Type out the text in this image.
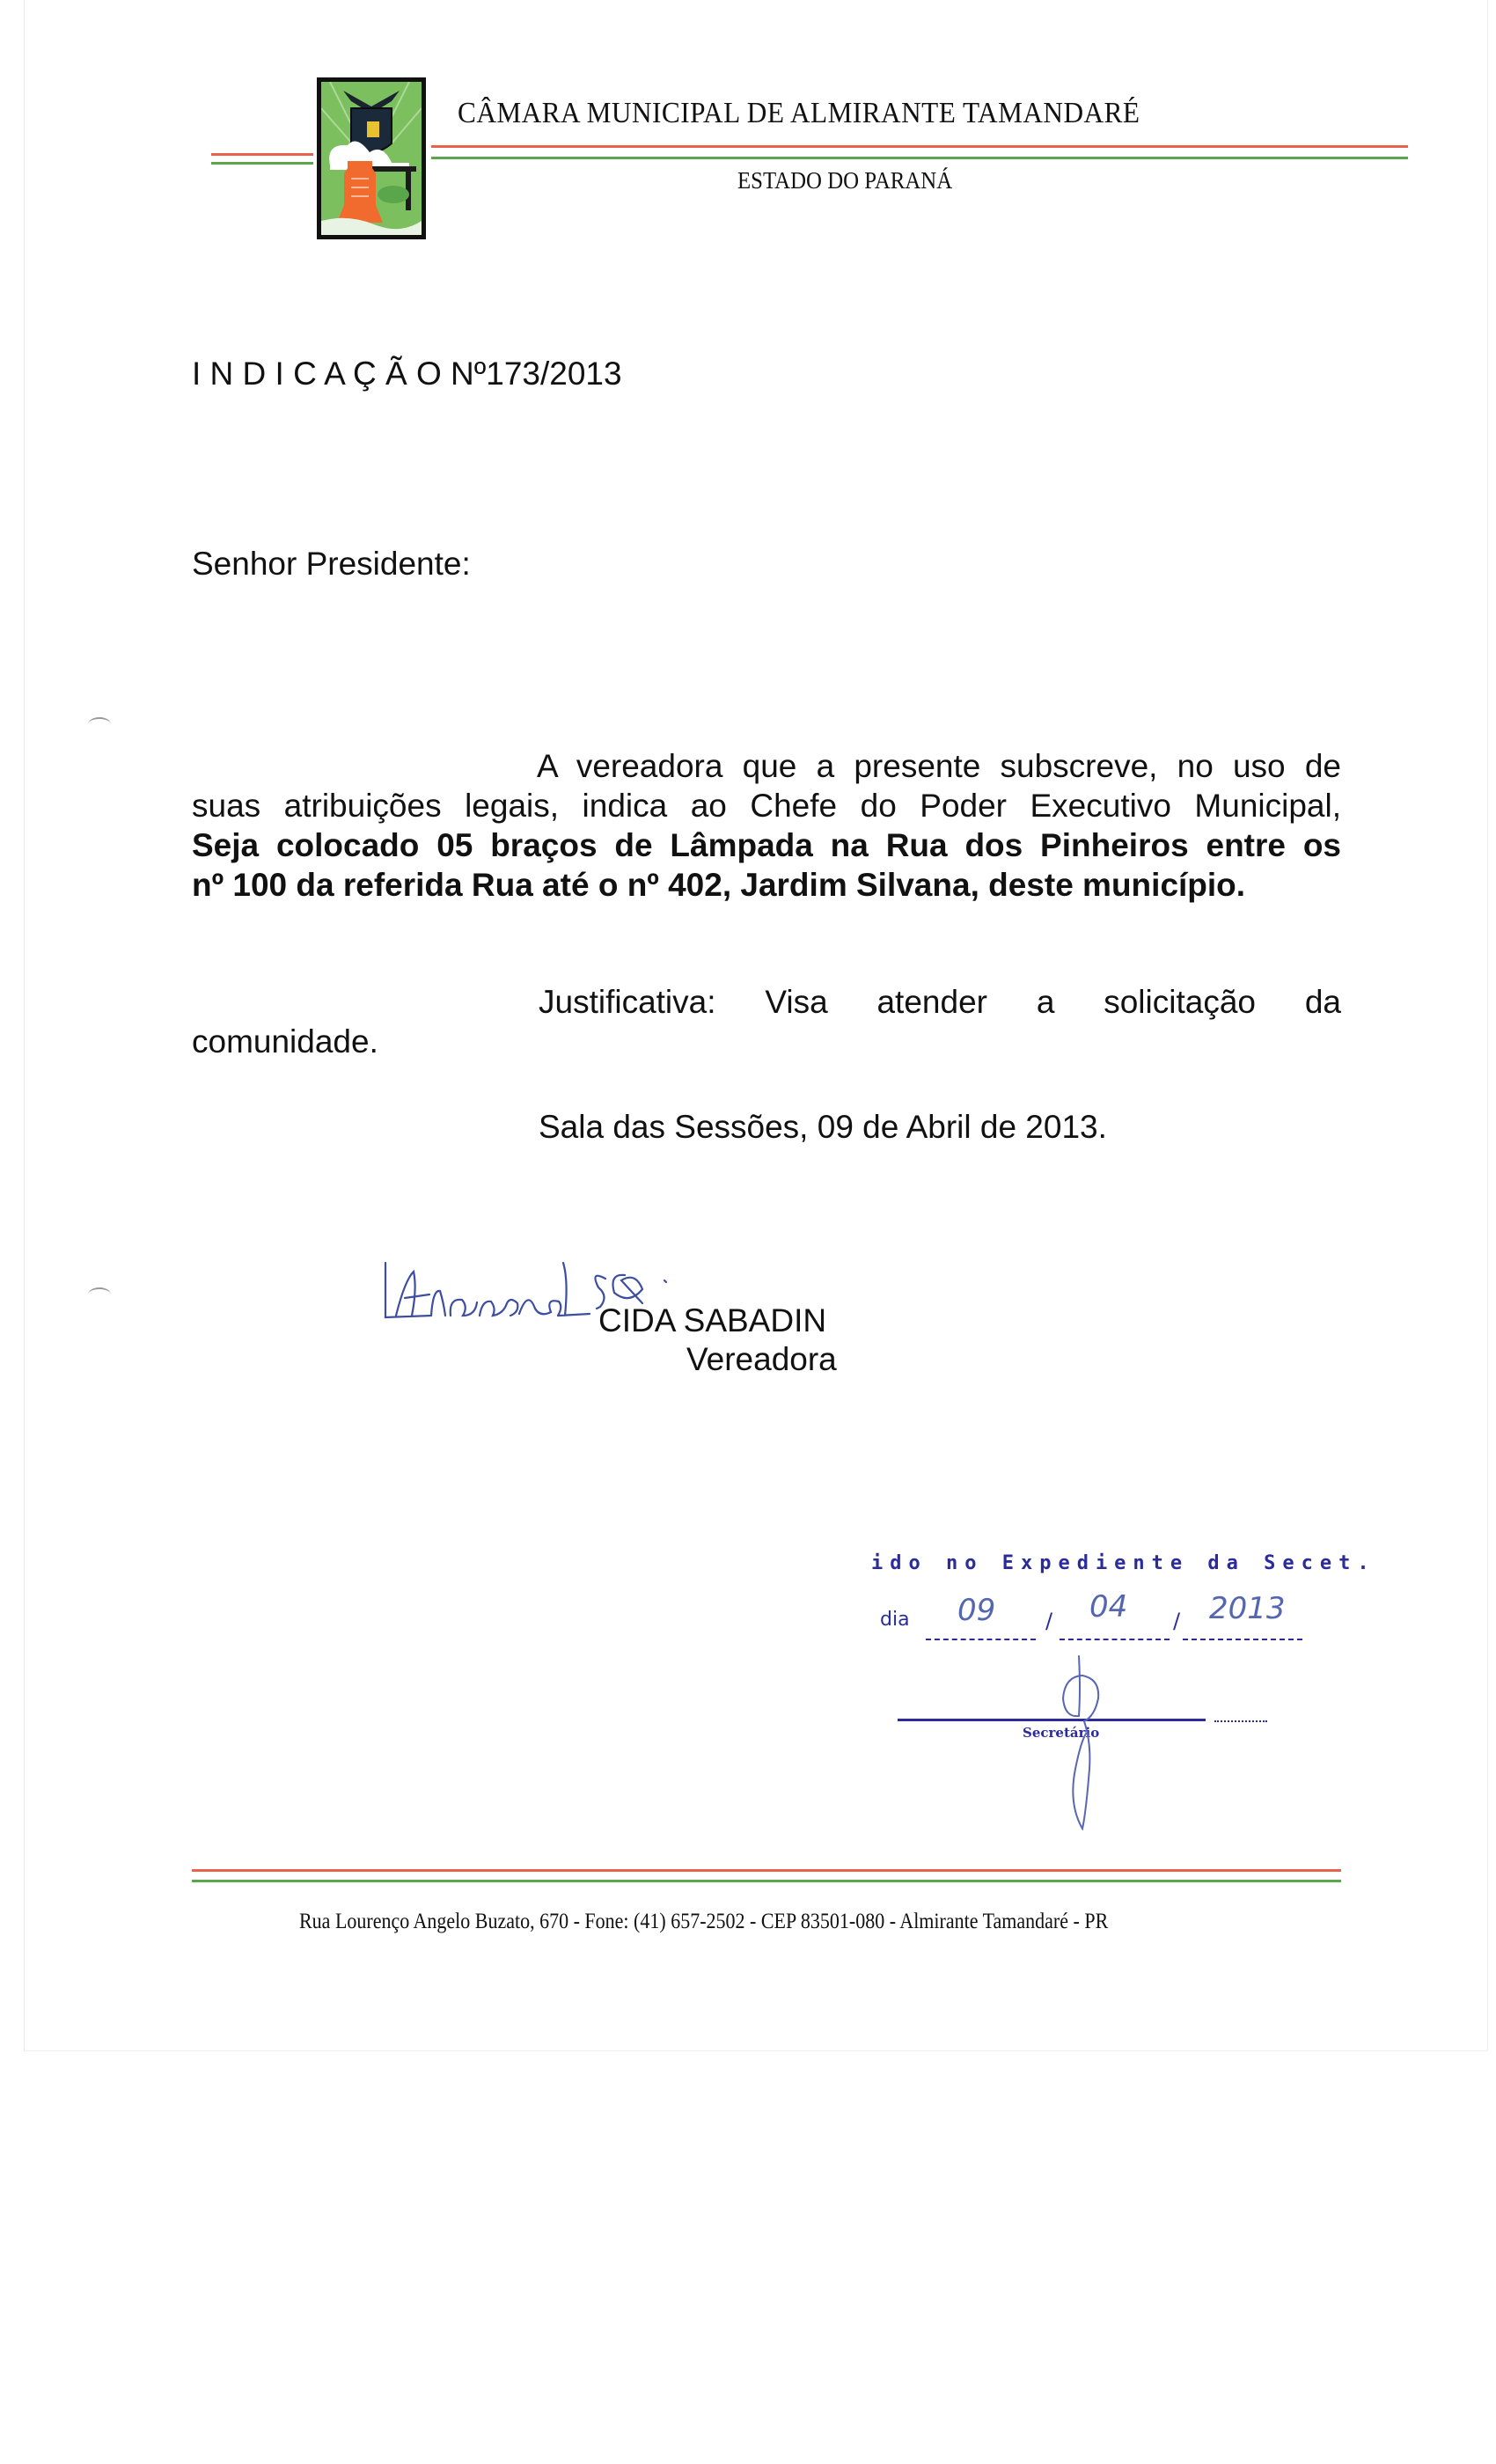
CÂMARA MUNICIPAL DE ALMIRANTE TAMANDARÉ
ESTADO DO PARANÁ
I N D I C A Ç Ã O Nº173/2013
Senhor Presidente:
A vereadora que a presente subscreve, no uso de
suas atribuições legais, indica ao Chefe do Poder Executivo Municipal,
Seja colocado 05 braços de Lâmpada na Rua dos Pinheiros entre os
nº 100 da referida Rua até o nº 402, Jardim Silvana, deste município.
Justificativa: Visa atender a solicitação da
comunidade.
Sala das Sessões, 09 de Abril de 2013.
CIDA SABADIN
Vereadora
ido no Expediente da Secet.
dia 09 / 04 / 2013
Secretário
Rua Lourenço Angelo Buzato, 670 - Fone: (41) 657-2502 - CEP 83501-080 - Almirante Tamandaré - PR
